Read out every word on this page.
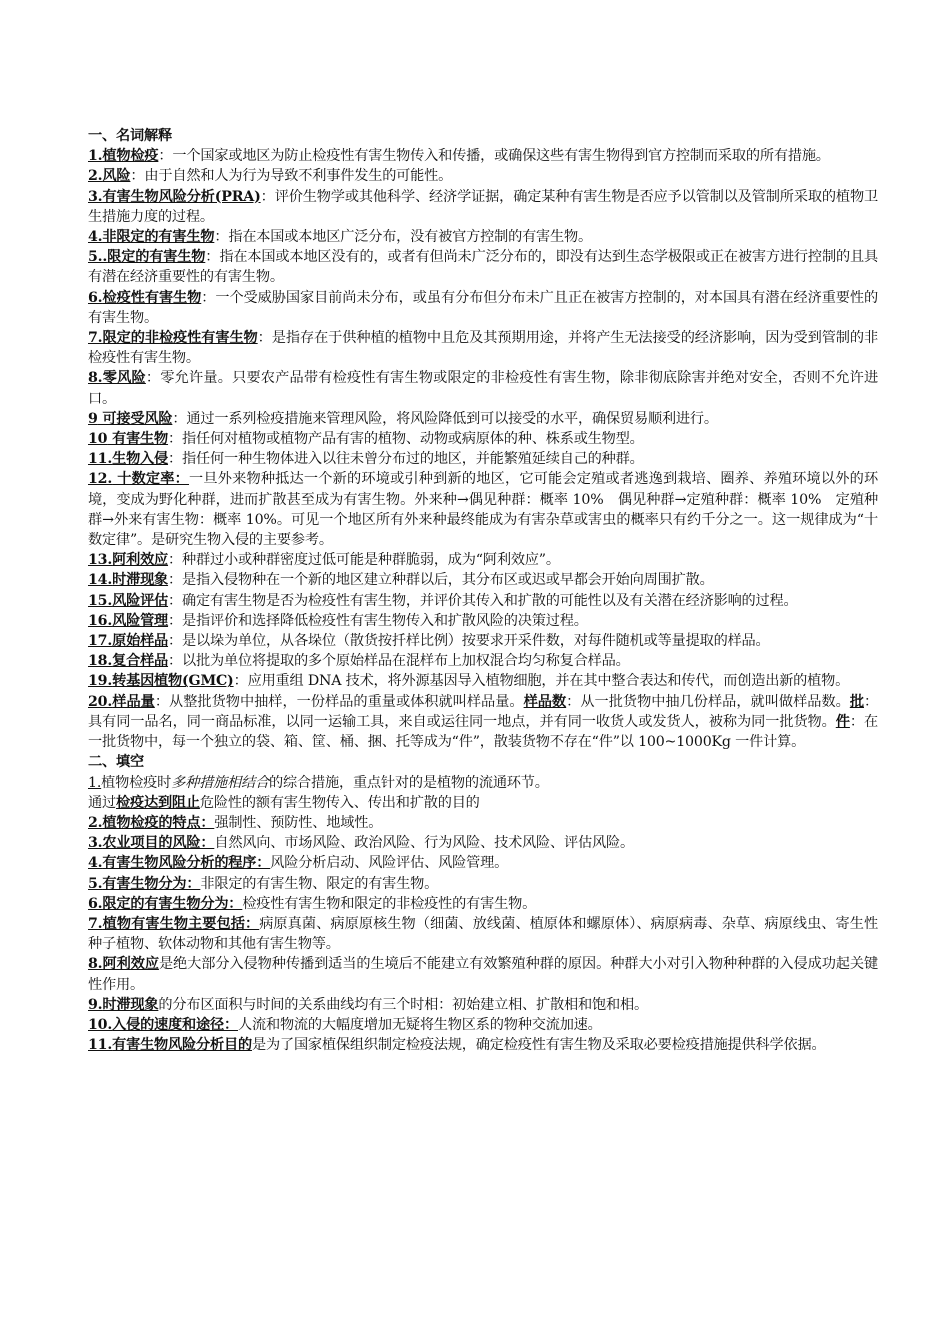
一、名词解释

1.植物检疫：一个国家或地区为防止检疫性有害生物传入和传播，或确保这些有害生物得到官方控制而采取的所有措施。

2.风险：由于自然和人为行为导致不利事件发生的可能性。

3.有害生物风险分析(PRA)：评价生物学或其他科学、经济学证据，确定某种有害生物是否应予以管制以及管制所采取的植物卫生措施力度的过程。

4.非限定的有害生物：指在本国或本地区广泛分布，没有被官方控制的有害生物。

5..限定的有害生物：指在本国或本地区没有的，或者有但尚未广泛分布的，即没有达到生态学极限或正在被害方进行控制的且具有潜在经济重要性的有害生物。

6.检疫性有害生物：一个受威胁国家目前尚未分布，或虽有分布但分布未广且正在被害方控制的，对本国具有潜在经济重要性的有害生物。

7.限定的非检疫性有害生物：是指存在于供种植的植物中且危及其预期用途，并将产生无法接受的经济影响，因为受到管制的非检疫性有害生物。

8.零风险：零允许量。只要农产品带有检疫性有害生物或限定的非检疫性有害生物，除非彻底除害并绝对安全，否则不允许进口。

9 可接受风险：通过一系列检疫措施来管理风险，将风险降低到可以接受的水平，确保贸易顺利进行。

10 有害生物：指任何对植物或植物产品有害的植物、动物或病原体的种、株系或生物型。

11.生物入侵：指任何一种生物体进入以往未曾分布过的地区，并能繁殖延续自己的种群。

12. 十数定率：一旦外来物种抵达一个新的环境或引种到新的地区，它可能会定殖或者逃逸到栽培、圈养、养殖环境以外的环境，变成为野化种群，进而扩散甚至成为有害生物。外来种→偶见种群：概率 10%　偶见种群→定殖种群：概率 10%　定殖种群→外来有害生物：概率 10%。可见一个地区所有外来种最终能成为有害杂草或害虫的概率只有约千分之一。这一规律成为“十数定律”。是研究生物入侵的主要参考。

13.阿利效应：种群过小或种群密度过低可能是种群脆弱，成为“阿利效应”。

14.时滞现象：是指入侵物种在一个新的地区建立种群以后，其分布区或迟或早都会开始向周围扩散。

15.风险评估：确定有害生物是否为检疫性有害生物，并评价其传入和扩散的可能性以及有关潜在经济影响的过程。

16.风险管理：是指评价和选择降低检疫性有害生物传入和扩散风险的决策过程。

17.原始样品：是以垛为单位，从各垛位（散货按扦样比例）按要求开采件数，对每件随机或等量提取的样品。

18.复合样品：以批为单位将提取的多个原始样品在混样布上加权混合均匀称复合样品。

19.转基因植物(GMC)：应用重组 DNA 技术，将外源基因导入植物细胞，并在其中整合表达和传代，而创造出新的植物。

20.样品量：从整批货物中抽样，一份样品的重量或体积就叫样品量。样品数：从一批货物中抽几份样品，就叫做样品数。批：具有同一品名，同一商品标准，以同一运输工具，来自或运往同一地点，并有同一收货人或发货人，被称为同一批货物。件：在一批货物中，每一个独立的袋、箱、筐、桶、捆、托等成为“件”，散装货物不存在“件”以 100~1000Kg 一件计算。

二、填空

1.植物检疫时多种措施相结合的综合措施，重点针对的是植物的流通环节。

通过检疫达到阻止危险性的额有害生物传入、传出和扩散的目的

2.植物检疫的特点：强制性、预防性、地域性。

3.农业项目的风险：自然风向、市场风险、政治风险、行为风险、技术风险、评估风险。

4.有害生物风险分析的程序：风险分析启动、风险评估、风险管理。

5.有害生物分为：非限定的有害生物、限定的有害生物。

6.限定的有害生物分为：检疫性有害生物和限定的非检疫性的有害生物。

7.植物有害生物主要包括：病原真菌、病原原核生物（细菌、放线菌、植原体和螺原体）、病原病毒、杂草、病原线虫、寄生性种子植物、软体动物和其他有害生物等。

8.阿利效应是绝大部分入侵物种传播到适当的生境后不能建立有效繁殖种群的原因。种群大小对引入物种种群的入侵成功起关键性作用。

9.时滞现象的分布区面积与时间的关系曲线均有三个时相：初始建立相、扩散相和饱和相。

10.入侵的速度和途径：人流和物流的大幅度增加无疑将生物区系的物种交流加速。

11.有害生物风险分析目的是为了国家植保组织制定检疫法规，确定检疫性有害生物及采取必要检疫措施提供科学依据。
